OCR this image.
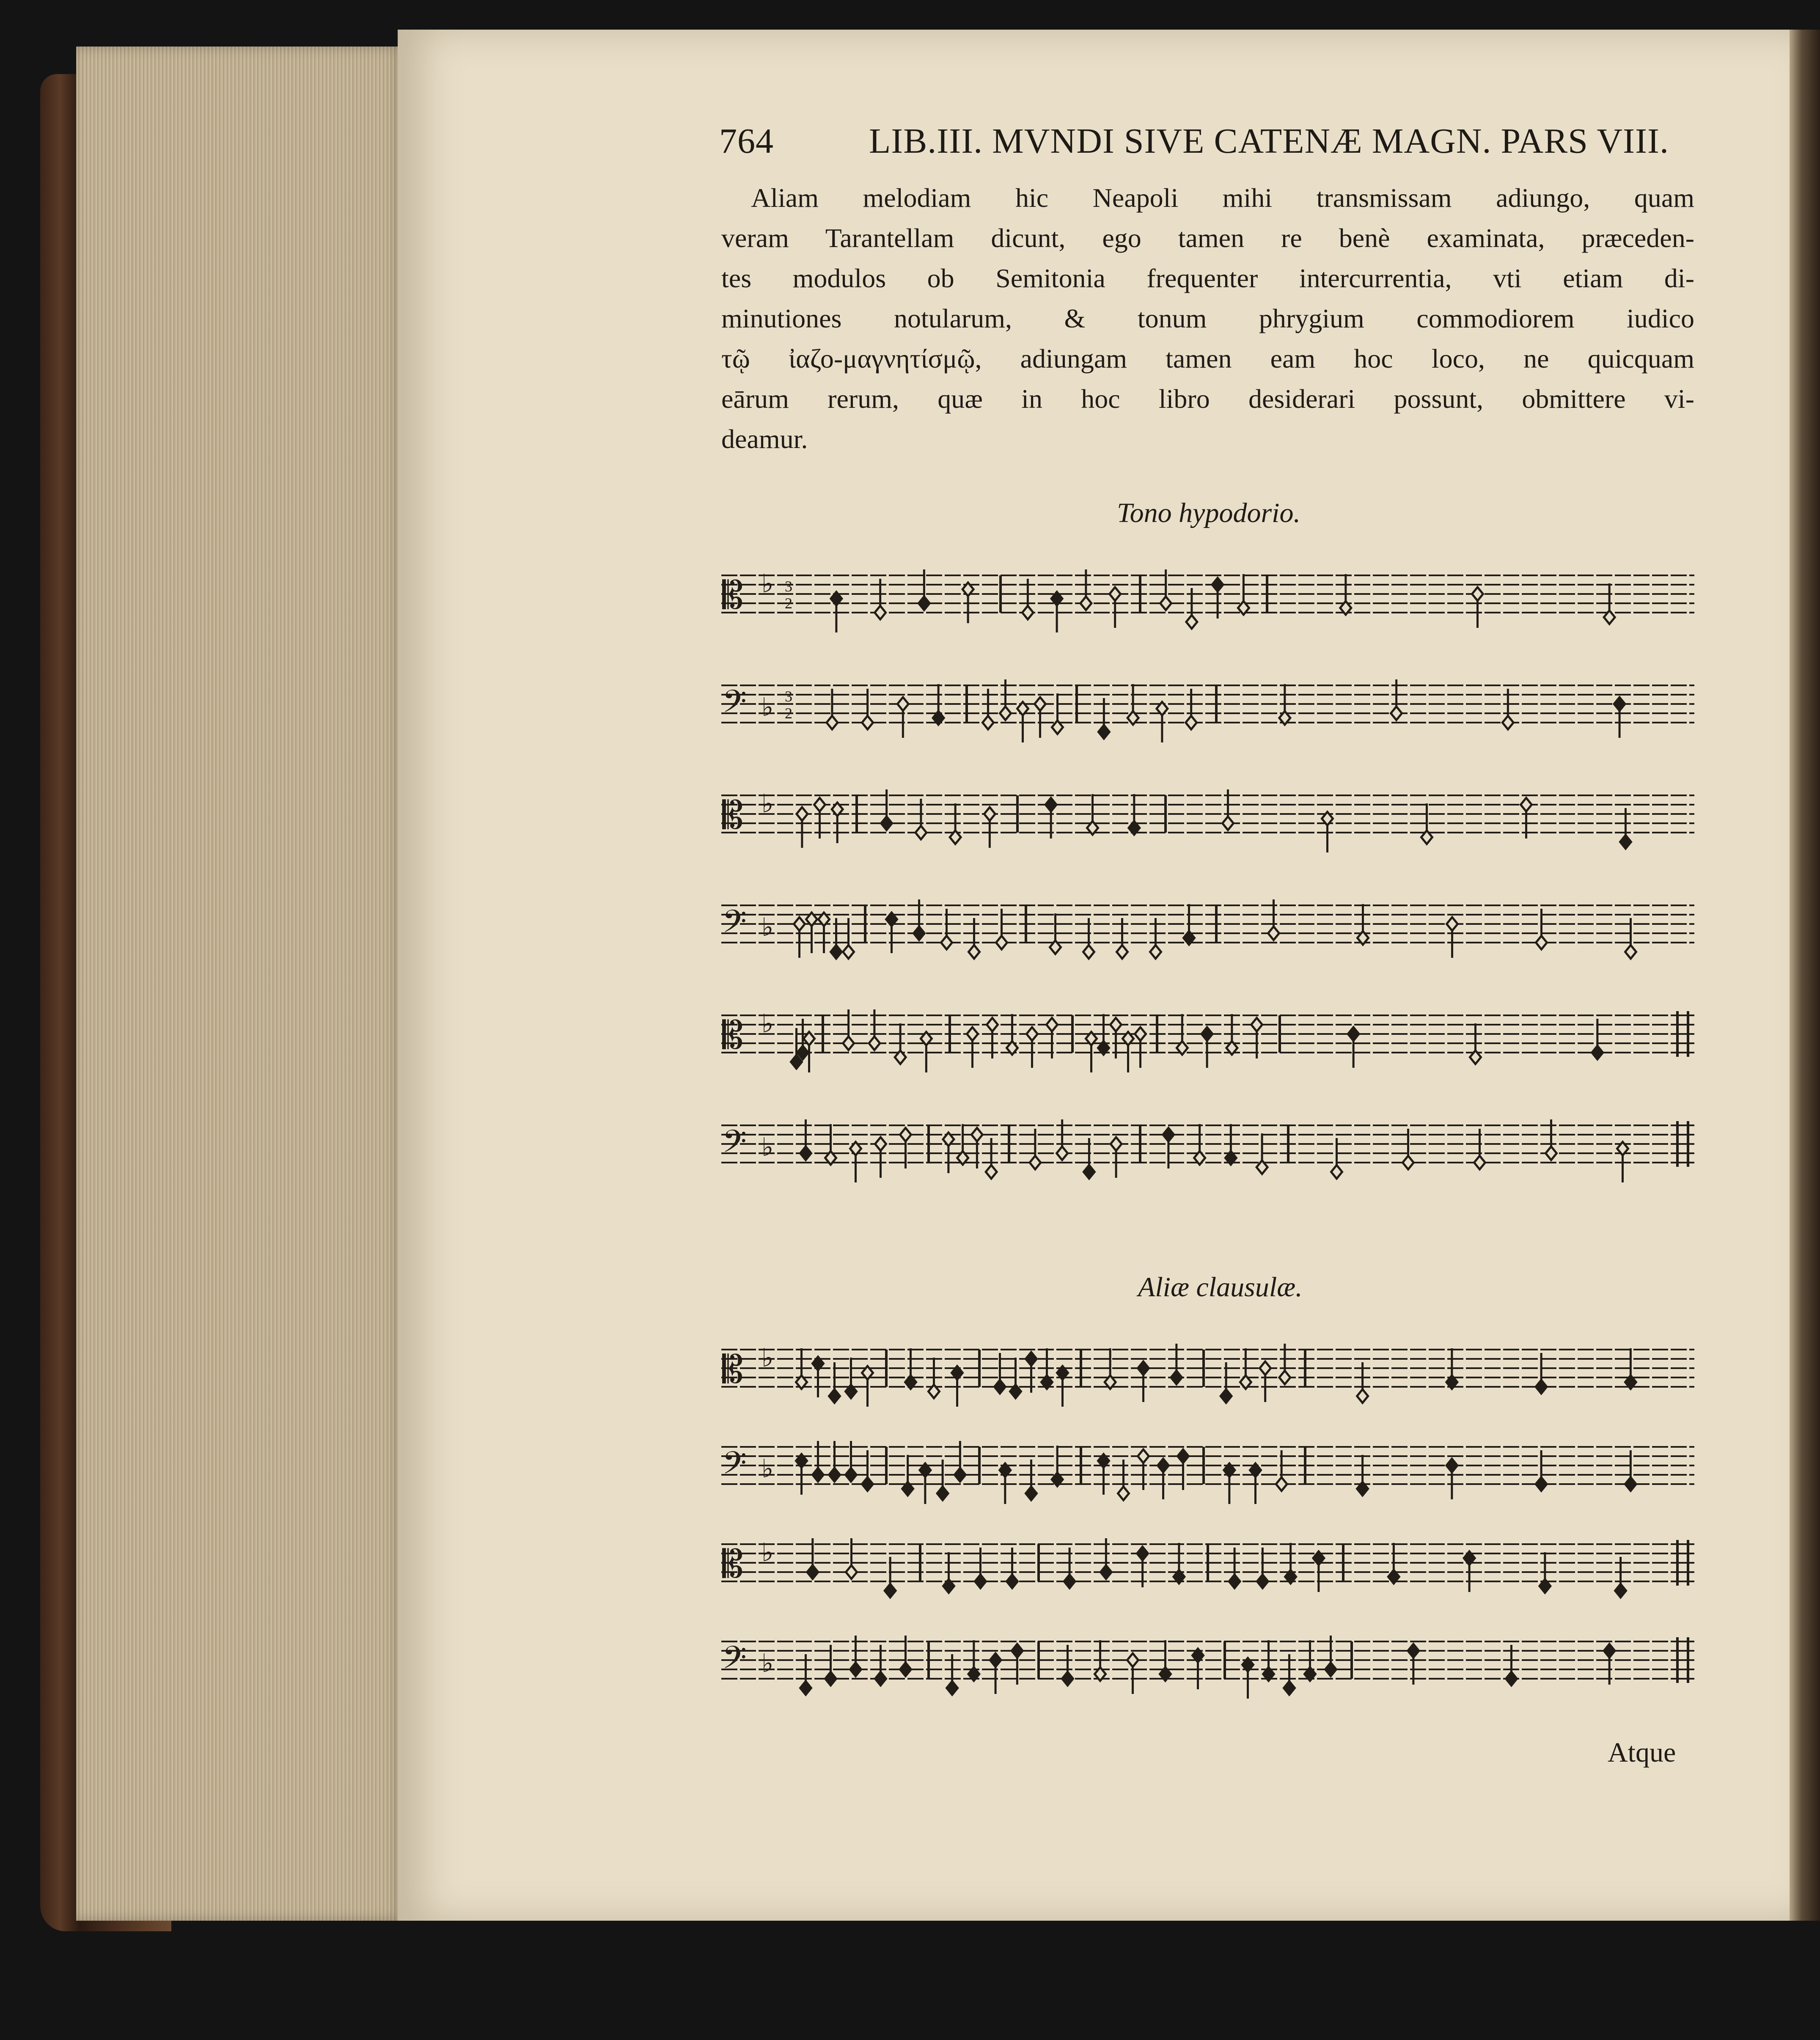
764	LIB.III. MVNDI SIVE CATENÆ MAGN. PARS VIII.
Aliam melodiam hic Neapoli mihi transmissam adiungo, quam
veram Tarantellam dicunt, ego tamen re benè examinata, præceden-
tes modulos ob Semitonia frequenter intercurrentia, vti etiam di-
minutiones notularum, & tonum phrygium commodiorem iudico
τῷ ἰαζο-μαγνητίσμῷ, adiungam tamen eam hoc loco, ne quicquam
eārum rerum, quæ in hoc libro desiderari possunt, obmittere vi-
deamur.
Tono hypodorio.
𝄡 ♭ 3
2
𝄢 ♭ 3
2
𝄡 ♭
𝄢 ♭
𝄡 ♭
𝄢 ♭
Aliæ clausulæ.
𝄡 ♭
𝄢 ♭
𝄡 ♭
𝄢 ♭
Atque
